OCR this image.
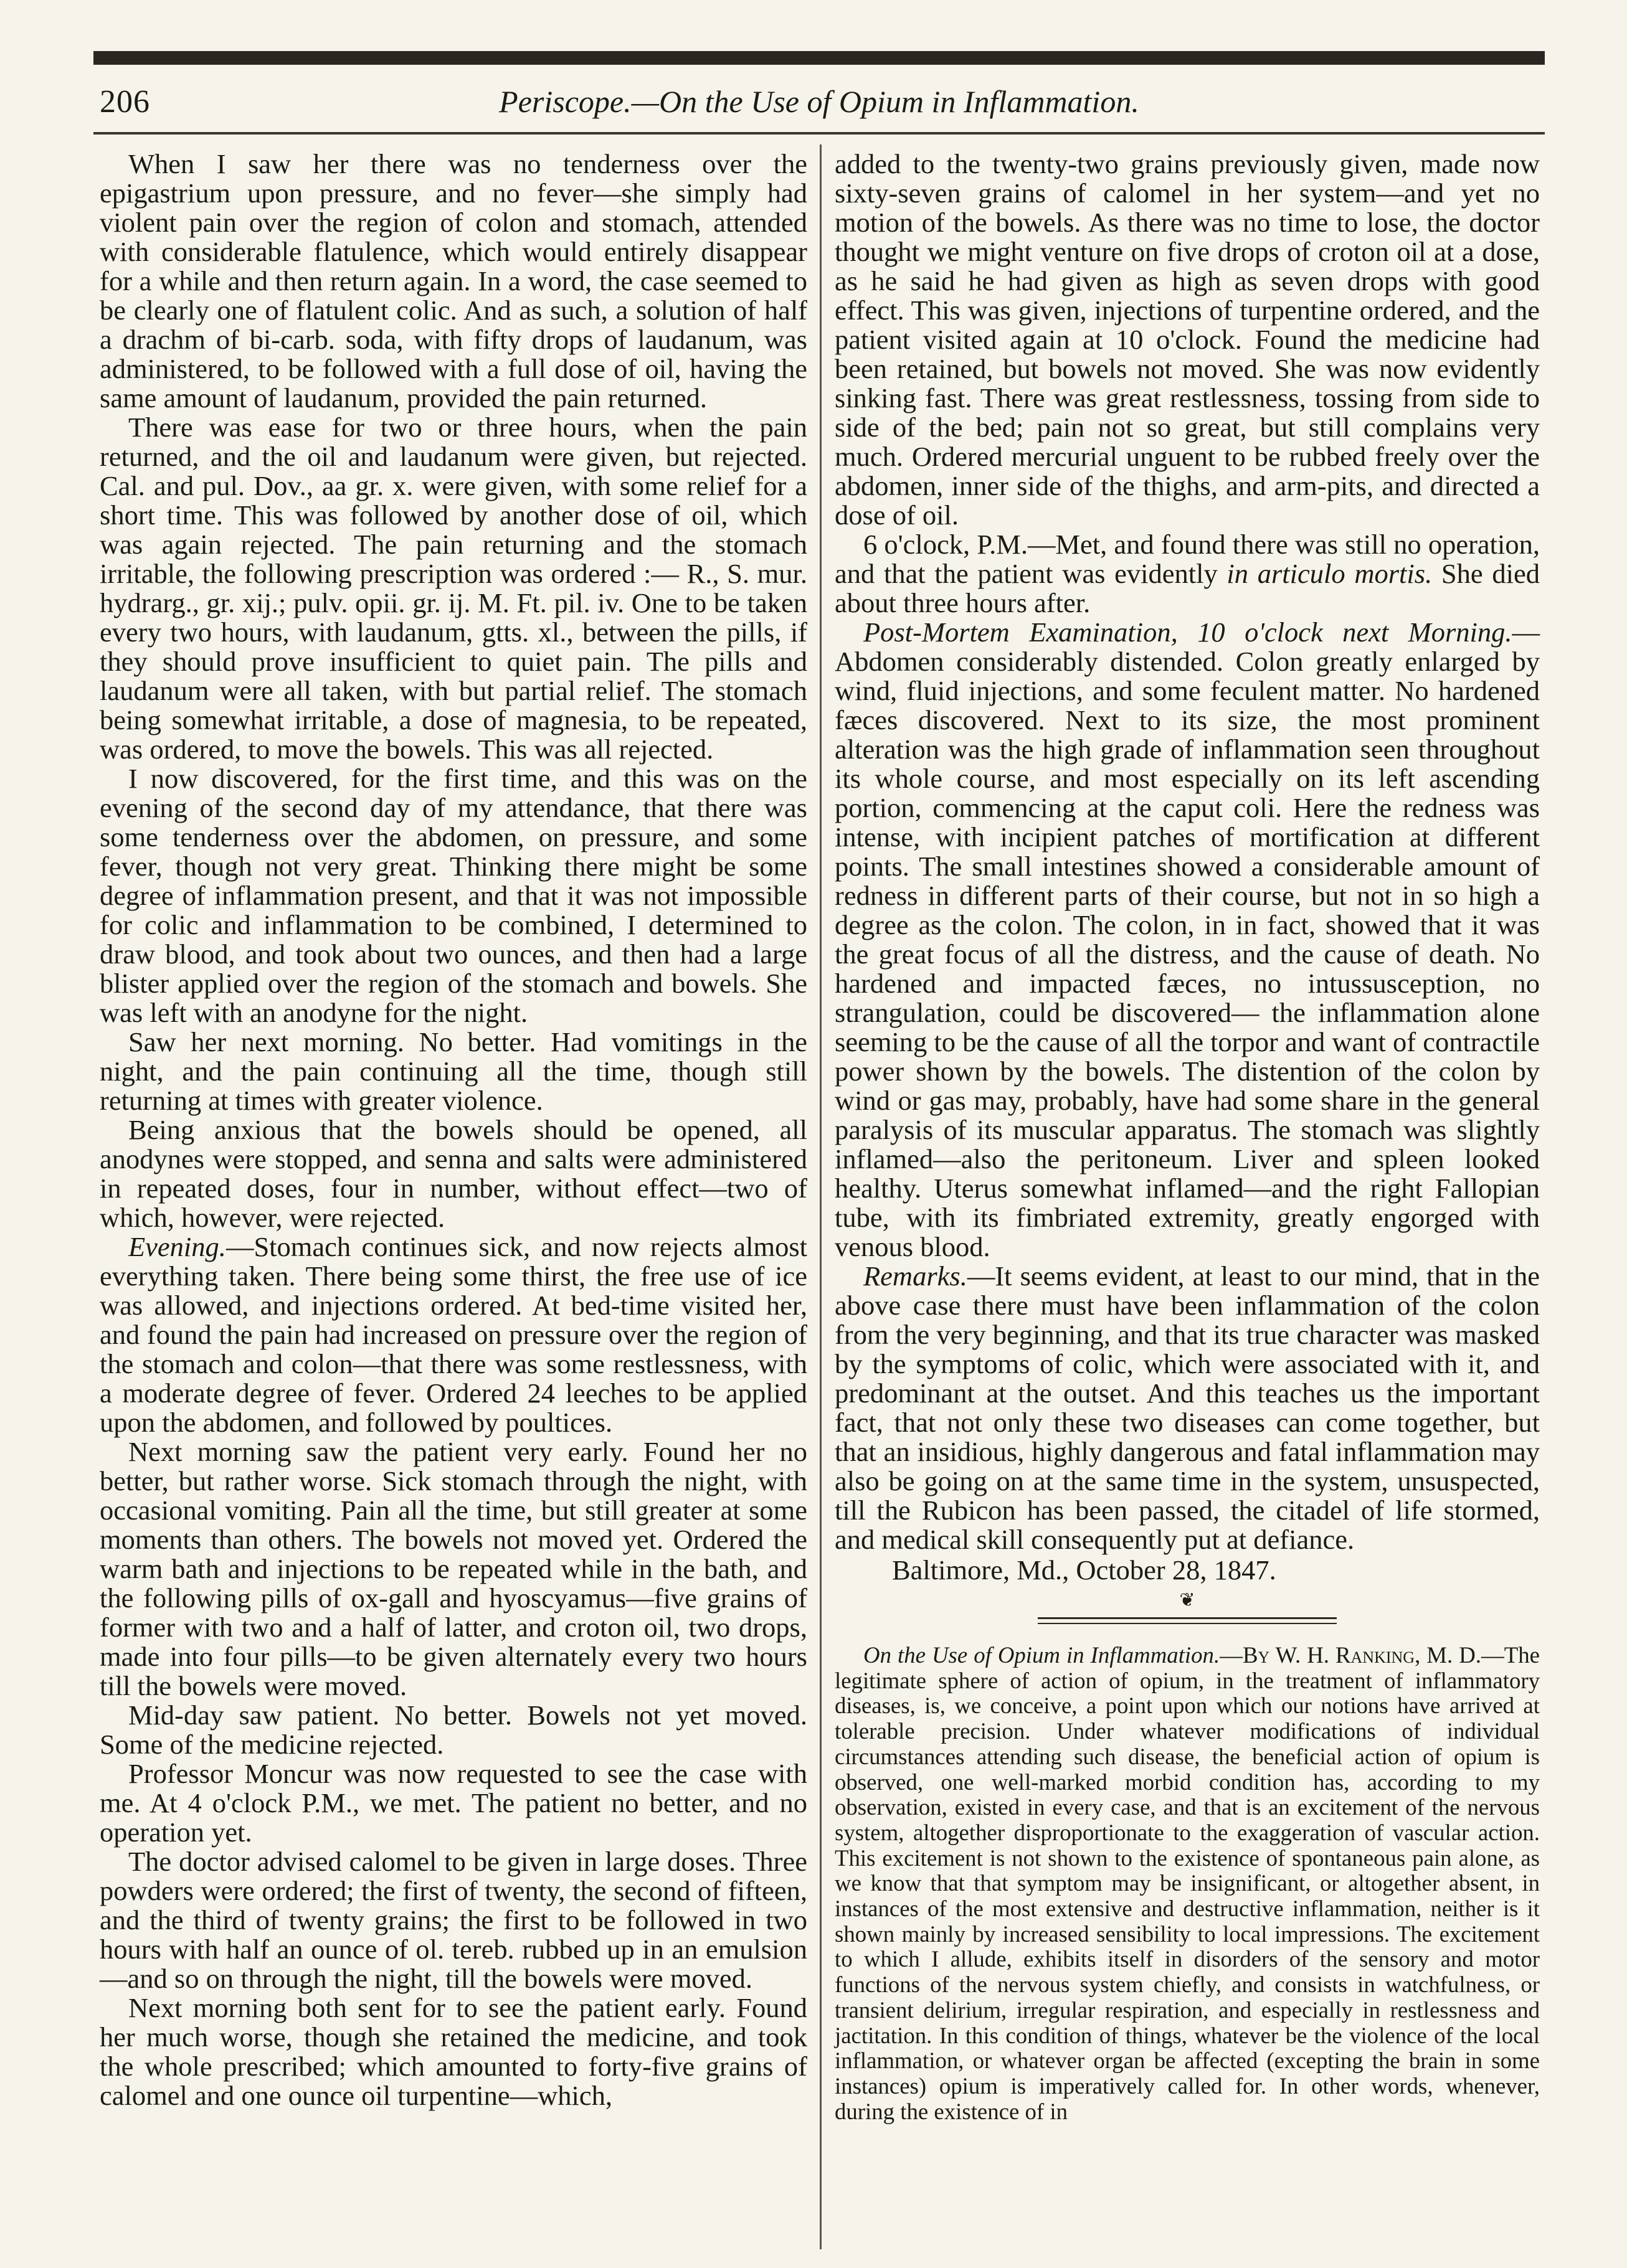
206	Periscope.—On the Use of Opium in Inflammation.

When I saw her there was no tenderness over the epigastrium upon pressure, and no fever—she simply had violent pain over the region of colon and stomach, attended with considerable flatulence, which would entirely disappear for a while and then return again. In a word, the case seemed to be clearly one of flatulent colic. And as such, a solution of half a drachm of bi-carb. soda, with fifty drops of laudanum, was administered, to be followed with a full dose of oil, having the same amount of laudanum, provided the pain returned.

There was ease for two or three hours, when the pain returned, and the oil and laudanum were given, but rejected. Cal. and pul. Dov., aa gr. x. were given, with some relief for a short time. This was followed by another dose of oil, which was again rejected. The pain returning and the stomach irritable, the following prescription was ordered :— R., S. mur. hydrarg., gr. xij.; pulv. opii. gr. ij. M. Ft. pil. iv. One to be taken every two hours, with laudanum, gtts. xl., between the pills, if they should prove insufficient to quiet pain. The pills and laudanum were all taken, with but partial relief. The stomach being somewhat irritable, a dose of magnesia, to be repeated, was ordered, to move the bowels. This was all rejected.

I now discovered, for the first time, and this was on the evening of the second day of my attendance, that there was some tenderness over the abdomen, on pressure, and some fever, though not very great. Thinking there might be some degree of inflammation present, and that it was not impossible for colic and inflammation to be combined, I determined to draw blood, and took about two ounces, and then had a large blister applied over the region of the stomach and bowels. She was left with an anodyne for the night.

Saw her next morning. No better. Had vomitings in the night, and the pain continuing all the time, though still returning at times with greater violence.

Being anxious that the bowels should be opened, all anodynes were stopped, and senna and salts were administered in repeated doses, four in number, without effect—two of which, however, were rejected.

Evening.—Stomach continues sick, and now rejects almost everything taken. There being some thirst, the free use of ice was allowed, and injections ordered. At bed-time visited her, and found the pain had increased on pressure over the region of the stomach and colon—that there was some restlessness, with a moderate degree of fever. Ordered 24 leeches to be applied upon the abdomen, and followed by poultices.

Next morning saw the patient very early. Found her no better, but rather worse. Sick stomach through the night, with occasional vomiting. Pain all the time, but still greater at some moments than others. The bowels not moved yet. Ordered the warm bath and injections to be repeated while in the bath, and the following pills of ox-gall and hyoscyamus—five grains of former with two and a half of latter, and croton oil, two drops, made into four pills—to be given alternately every two hours till the bowels were moved.

Mid-day saw patient. No better. Bowels not yet moved. Some of the medicine rejected.

Professor Moncur was now requested to see the case with me. At 4 o'clock P.M., we met. The patient no better, and no operation yet.

The doctor advised calomel to be given in large doses. Three powders were ordered; the first of twenty, the second of fifteen, and the third of twenty grains; the first to be followed in two hours with half an ounce of ol. tereb. rubbed up in an emulsion—and so on through the night, till the bowels were moved.

Next morning both sent for to see the patient early. Found her much worse, though she retained the medicine, and took the whole prescribed; which amounted to forty-five grains of calomel and one ounce oil turpentine—which,

added to the twenty-two grains previously given, made now sixty-seven grains of calomel in her system—and yet no motion of the bowels. As there was no time to lose, the doctor thought we might venture on five drops of croton oil at a dose, as he said he had given as high as seven drops with good effect. This was given, injections of turpentine ordered, and the patient visited again at 10 o'clock. Found the medicine had been retained, but bowels not moved. She was now evidently sinking fast. There was great restlessness, tossing from side to side of the bed; pain not so great, but still complains very much. Ordered mercurial unguent to be rubbed freely over the abdomen, inner side of the thighs, and arm-pits, and directed a dose of oil.

6 o'clock, P.M.—Met, and found there was still no operation, and that the patient was evidently in articulo mortis. She died about three hours after.

Post-Mortem Examination, 10 o'clock next Morning.— Abdomen considerably distended. Colon greatly enlarged by wind, fluid injections, and some feculent matter. No hardened fæces discovered. Next to its size, the most prominent alteration was the high grade of inflammation seen throughout its whole course, and most especially on its left ascending portion, commencing at the caput coli. Here the redness was intense, with incipient patches of mortification at different points. The small intestines showed a considerable amount of redness in different parts of their course, but not in so high a degree as the colon. The colon, in in fact, showed that it was the great focus of all the distress, and the cause of death. No hardened and impacted fæces, no intussusception, no strangulation, could be discovered— the inflammation alone seeming to be the cause of all the torpor and want of contractile power shown by the bowels. The distention of the colon by wind or gas may, probably, have had some share in the general paralysis of its muscular apparatus. The stomach was slightly inflamed—also the peritoneum. Liver and spleen looked healthy. Uterus somewhat inflamed—and the right Fallopian tube, with its fimbriated extremity, greatly engorged with venous blood.

Remarks.—It seems evident, at least to our mind, that in the above case there must have been inflammation of the colon from the very beginning, and that its true character was masked by the symptoms of colic, which were associated with it, and predominant at the outset. And this teaches us the important fact, that not only these two diseases can come together, but that an insidious, highly dangerous and fatal inflammation may also be going on at the same time in the system, unsuspected, till the Rubicon has been passed, the citadel of life stormed, and medical skill consequently put at defiance.

Baltimore, Md., October 28, 1847.

❦

On the Use of Opium in Inflammation.—By W. H. Ranking, M. D.—The legitimate sphere of action of opium, in the treatment of inflammatory diseases, is, we conceive, a point upon which our notions have arrived at tolerable precision. Under whatever modifications of individual circumstances attending such disease, the beneficial action of opium is observed, one well-marked morbid condition has, according to my observation, existed in every case, and that is an excitement of the nervous system, altogether disproportionate to the exaggeration of vascular action. This excitement is not shown to the existence of spontaneous pain alone, as we know that that symptom may be insignificant, or altogether absent, in instances of the most extensive and destructive inflammation, neither is it shown mainly by increased sensibility to local impressions. The excitement to which I allude, exhibits itself in disorders of the sensory and motor functions of the nervous system chiefly, and consists in watchfulness, or transient delirium, irregular respiration, and especially in restlessness and jactitation. In this condition of things, whatever be the violence of the local inflammation, or whatever organ be affected (excepting the brain in some instances) opium is imperatively called for. In other words, whenever, during the existence of in
